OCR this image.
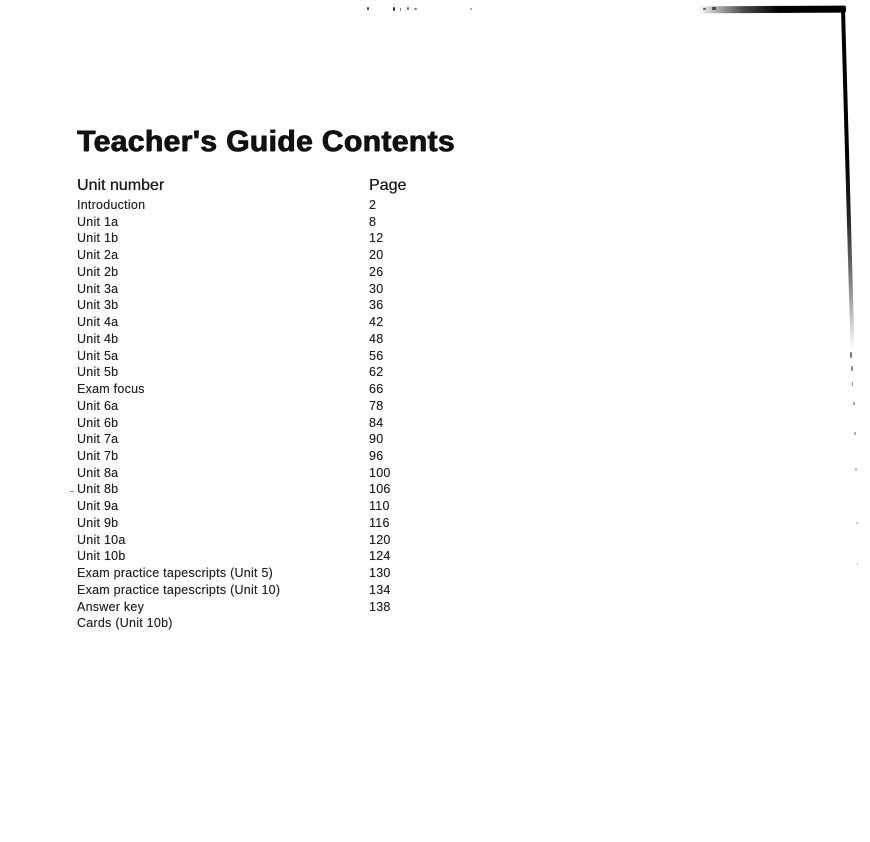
Teacher's Guide Contents
Unit number	Page
Introduction	2
Unit 1a	8
Unit 1b	12
Unit 2a	20
Unit 2b	26
Unit 3a	30
Unit 3b	36
Unit 4a	42
Unit 4b	48
Unit 5a	56
Unit 5b	62
Exam focus	66
Unit 6a	78
Unit 6b	84
Unit 7a	90
Unit 7b	96
Unit 8a	100
Unit 8b	106
Unit 9a	110
Unit 9b	116
Unit 10a	120
Unit 10b	124
Exam practice tapescripts (Unit 5)	130
Exam practice tapescripts (Unit 10)	134
Answer key	138
Cards (Unit 10b)
